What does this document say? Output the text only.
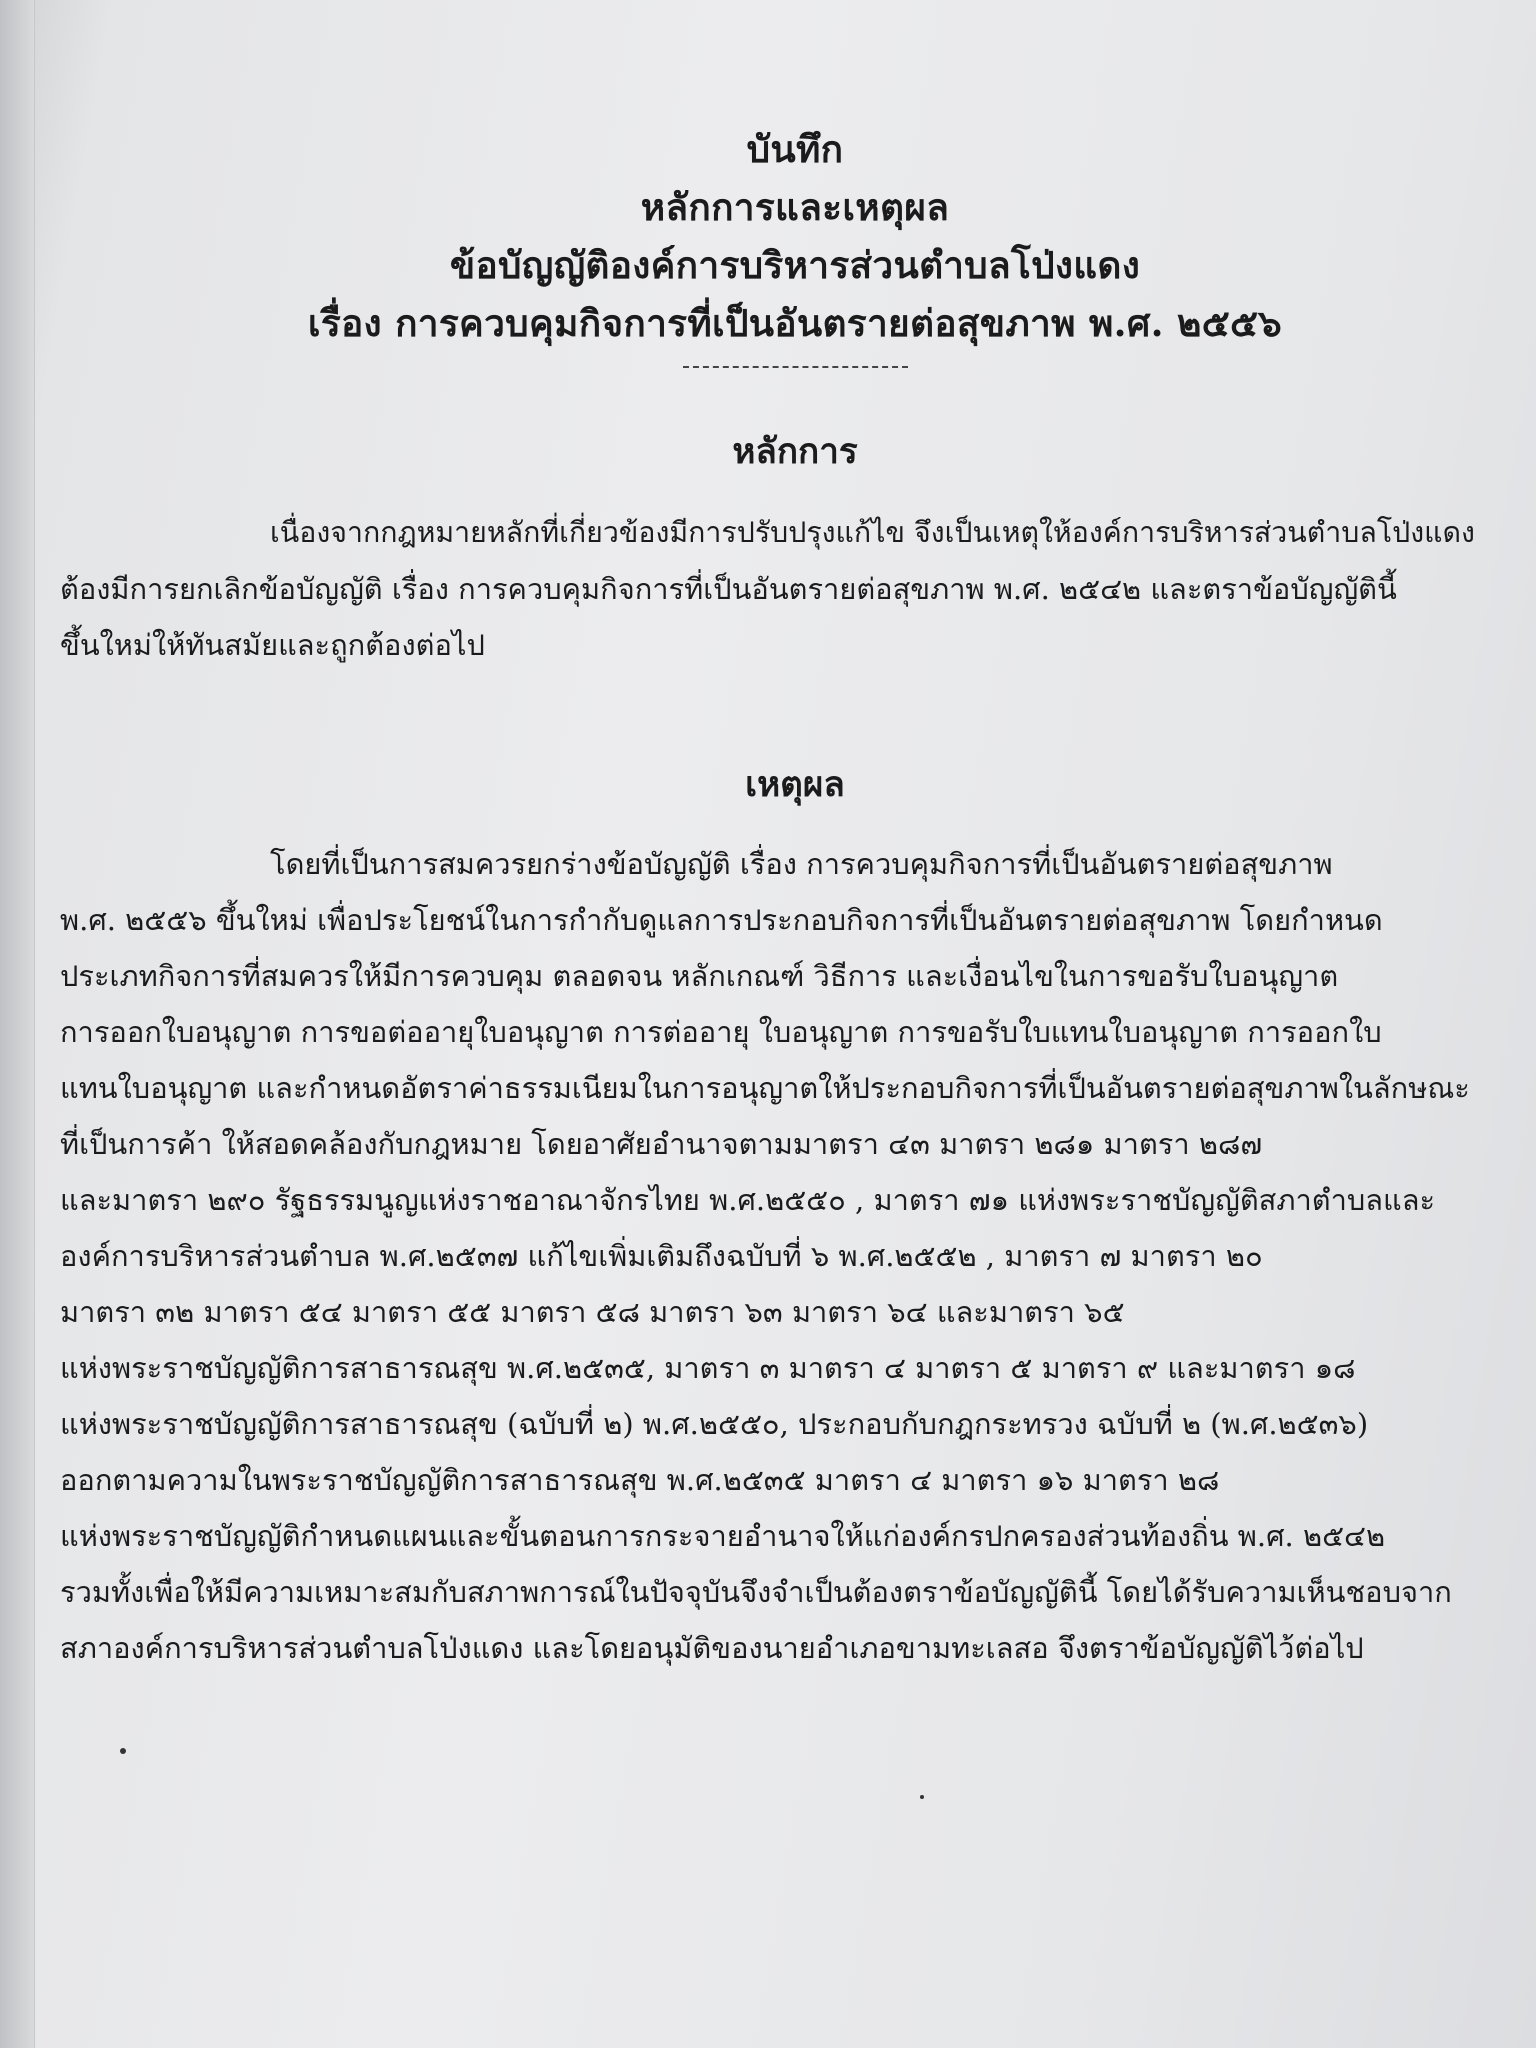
บันทึก

หลักการและเหตุผล

ข้อบัญญัติองค์การบริหารส่วนตำบลโป่งแดง

เรื่อง การควบคุมกิจการที่เป็นอันตรายต่อสุขภาพ พ.ศ. ๒๕๕๖

หลักการ

เนื่องจากกฎหมายหลักที่เกี่ยวข้องมีการปรับปรุงแก้ไข จึงเป็นเหตุให้องค์การบริหารส่วนตำบลโป่งแดง
ต้องมีการยกเลิกข้อบัญญัติ เรื่อง การควบคุมกิจการที่เป็นอันตรายต่อสุขภาพ พ.ศ. ๒๕๔๒ และตราข้อบัญญัตินี้
ขึ้นใหม่ให้ทันสมัยและถูกต้องต่อไป

เหตุผล

โดยที่เป็นการสมควรยกร่างข้อบัญญัติ เรื่อง การควบคุมกิจการที่เป็นอันตรายต่อสุขภาพ
พ.ศ. ๒๕๕๖ ขึ้นใหม่ เพื่อประโยชน์ในการกำกับดูแลการประกอบกิจการที่เป็นอันตรายต่อสุขภาพ โดยกำหนด
ประเภทกิจการที่สมควรให้มีการควบคุม ตลอดจน หลักเกณฑ์ วิธีการ และเงื่อนไขในการขอรับใบอนุญาต
การออกใบอนุญาต การขอต่ออายุใบอนุญาต การต่ออายุ ใบอนุญาต การขอรับใบแทนใบอนุญาต การออกใบ
แทนใบอนุญาต และกำหนดอัตราค่าธรรมเนียมในการอนุญาตให้ประกอบกิจการที่เป็นอันตรายต่อสุขภาพในลักษณะ
ที่เป็นการค้า ให้สอดคล้องกับกฎหมาย โดยอาศัยอำนาจตามมาตรา ๔๓ มาตรา ๒๘๑ มาตรา ๒๘๗
และมาตรา ๒๙๐ รัฐธรรมนูญแห่งราชอาณาจักรไทย พ.ศ.๒๕๕๐ , มาตรา ๗๑ แห่งพระราชบัญญัติสภาตำบลและ
องค์การบริหารส่วนตำบล พ.ศ.๒๕๓๗ แก้ไขเพิ่มเติมถึงฉบับที่ ๖ พ.ศ.๒๕๕๒ , มาตรา ๗ มาตรา ๒๐
มาตรา ๓๒ มาตรา ๕๔ มาตรา ๕๕ มาตรา ๕๘ มาตรา ๖๓ มาตรา ๖๔ และมาตรา ๖๕
แห่งพระราชบัญญัติการสาธารณสุข พ.ศ.๒๕๓๕, มาตรา ๓ มาตรา ๔ มาตรา ๕ มาตรา ๙ และมาตรา ๑๘
แห่งพระราชบัญญัติการสาธารณสุข (ฉบับที่ ๒) พ.ศ.๒๕๕๐, ประกอบกับกฎกระทรวง ฉบับที่ ๒ (พ.ศ.๒๕๓๖)
ออกตามความในพระราชบัญญัติการสาธารณสุข พ.ศ.๒๕๓๕ มาตรา ๔ มาตรา ๑๖ มาตรา ๒๘
แห่งพระราชบัญญัติกำหนดแผนและขั้นตอนการกระจายอำนาจให้แก่องค์กรปกครองส่วนท้องถิ่น พ.ศ. ๒๕๔๒
รวมทั้งเพื่อให้มีความเหมาะสมกับสภาพการณ์ในปัจจุบันจึงจำเป็นต้องตราข้อบัญญัตินี้ โดยได้รับความเห็นชอบจาก
สภาองค์การบริหารส่วนตำบลโป่งแดง และโดยอนุมัติของนายอำเภอขามทะเลสอ จึงตราข้อบัญญัติไว้ต่อไป
